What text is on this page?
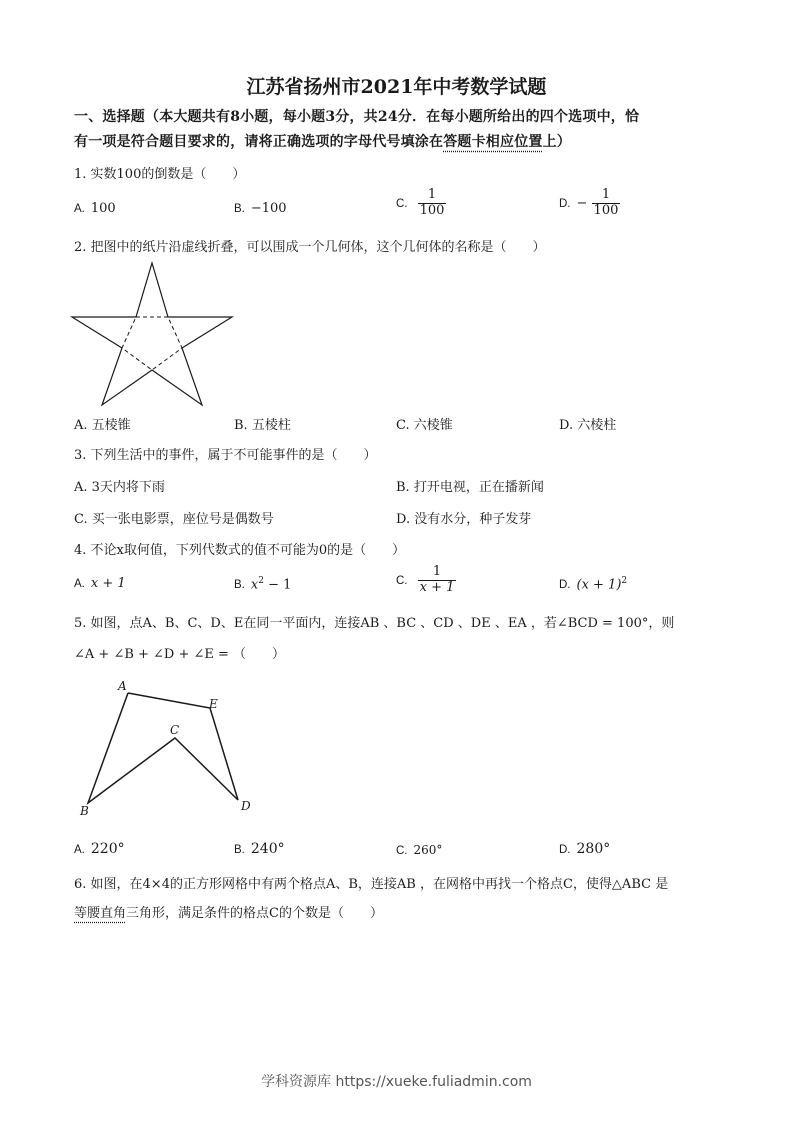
江苏省扬州市2021年中考数学试题
一、选择题（本大题共有8小题，每小题3分，共24分．在每小题所给出的四个选项中，恰
有一项是符合题目要求的，请将正确选项的字母代号填涂在答题卡相应位置上）
1. 实数100的倒数是（　　）
A. 100	B. −100	C. $\frac{1}{100}$	D. − $\frac{1}{100}$
2. 把图中的纸片沿虚线折叠，可以围成一个几何体，这个几何体的名称是（　　）
A. 五棱锥	B. 五棱柱	C. 六棱锥	D. 六棱柱
3. 下列生活中的事件，属于不可能事件的是（　　）
A. 3天内将下雨	B. 打开电视，正在播新闻
C. 买一张电影票，座位号是偶数号	D. 没有水分，种子发芽
4. 不论x取何值，下列代数式的值不可能为0的是（　　）
A. x + 1	B. $x^2 - 1$	C. $\frac{1}{x + 1}$	D. $(x + 1)^2$
5. 如图，点A、B、C、D、E在同一平面内，连接AB 、BC 、CD 、DE 、EA ，若∠BCD = 100°，则
∠A + ∠B + ∠D + ∠E = （　　）
A
B
C
D
E
A. 220°	B. 240°	C. 260°	D. 280°
6. 如图，在4×4的正方形网格中有两个格点A、B，连接AB ，在网格中再找一个格点C，使得△ABC 是
等腰直角三角形，满足条件的格点C的个数是（　　）
学科资源库 https://xueke.fuliadmin.com
